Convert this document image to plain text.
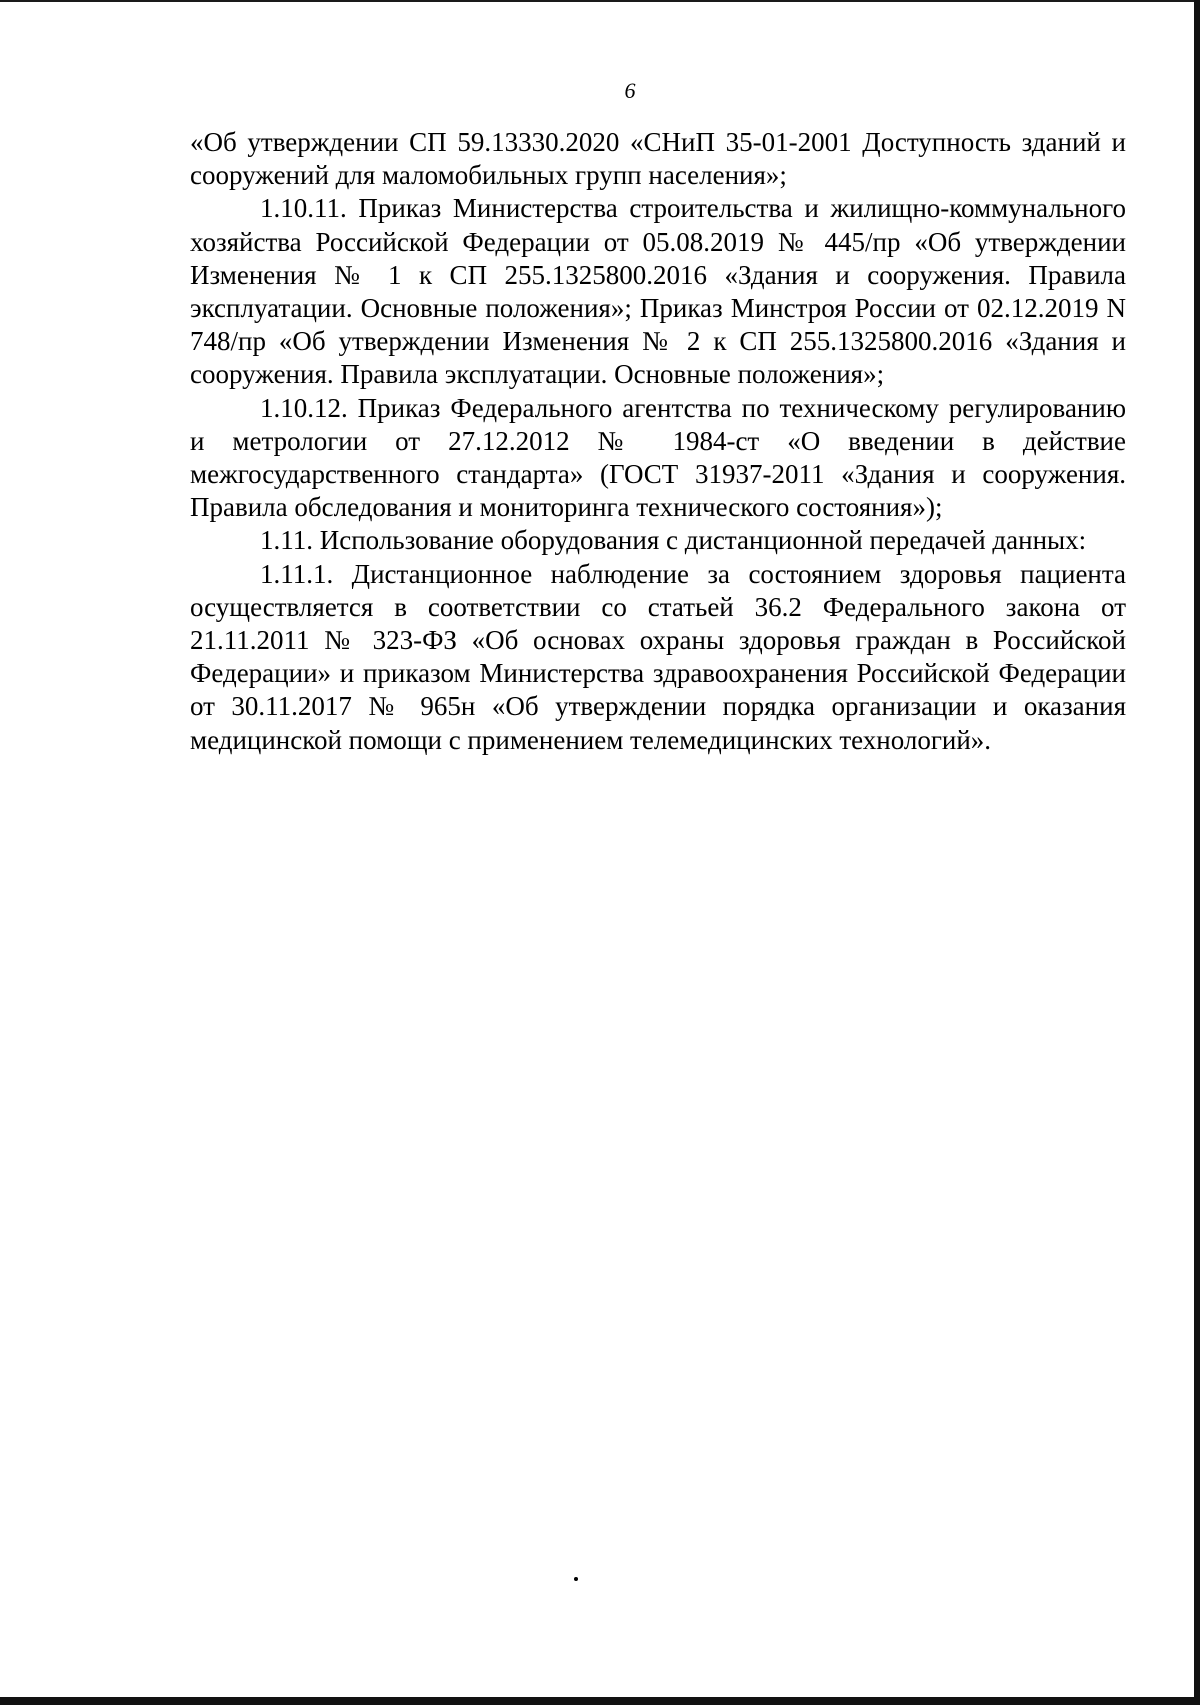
6

«Об утверждении СП 59.13330.2020 «СНиП 35-01-2001 Доступность зданий и сооружений для маломобильных групп населения»;

1.10.11. Приказ Министерства строительства и жилищно-коммунального хозяйства Российской Федерации от 05.08.2019 № 445/пр «Об утверждении Изменения № 1 к СП 255.1325800.2016 «Здания и сооружения. Правила эксплуатации. Основные положения»; Приказ Минстроя России от 02.12.2019 N 748/пр «Об утверждении Изменения № 2 к СП 255.1325800.2016 «Здания и сооружения. Правила эксплуатации. Основные положения»;

1.10.12. Приказ Федерального агентства по техническому регулированию и метрологии от 27.12.2012 № 1984-ст «О введении в действие межгосударственного стандарта» (ГОСТ 31937-2011 «Здания и сооружения. Правила обследования и мониторинга технического состояния»);

1.11. Использование оборудования с дистанционной передачей данных:

1.11.1. Дистанционное наблюдение за состоянием здоровья пациента осуществляется в соответствии со статьей 36.2 Федерального закона от 21.11.2011 № 323-ФЗ «Об основах охраны здоровья граждан в Российской Федерации» и приказом Министерства здравоохранения Российской Федерации от 30.11.2017 № 965н «Об утверждении порядка организации и оказания медицинской помощи с применением телемедицинских технологий».
